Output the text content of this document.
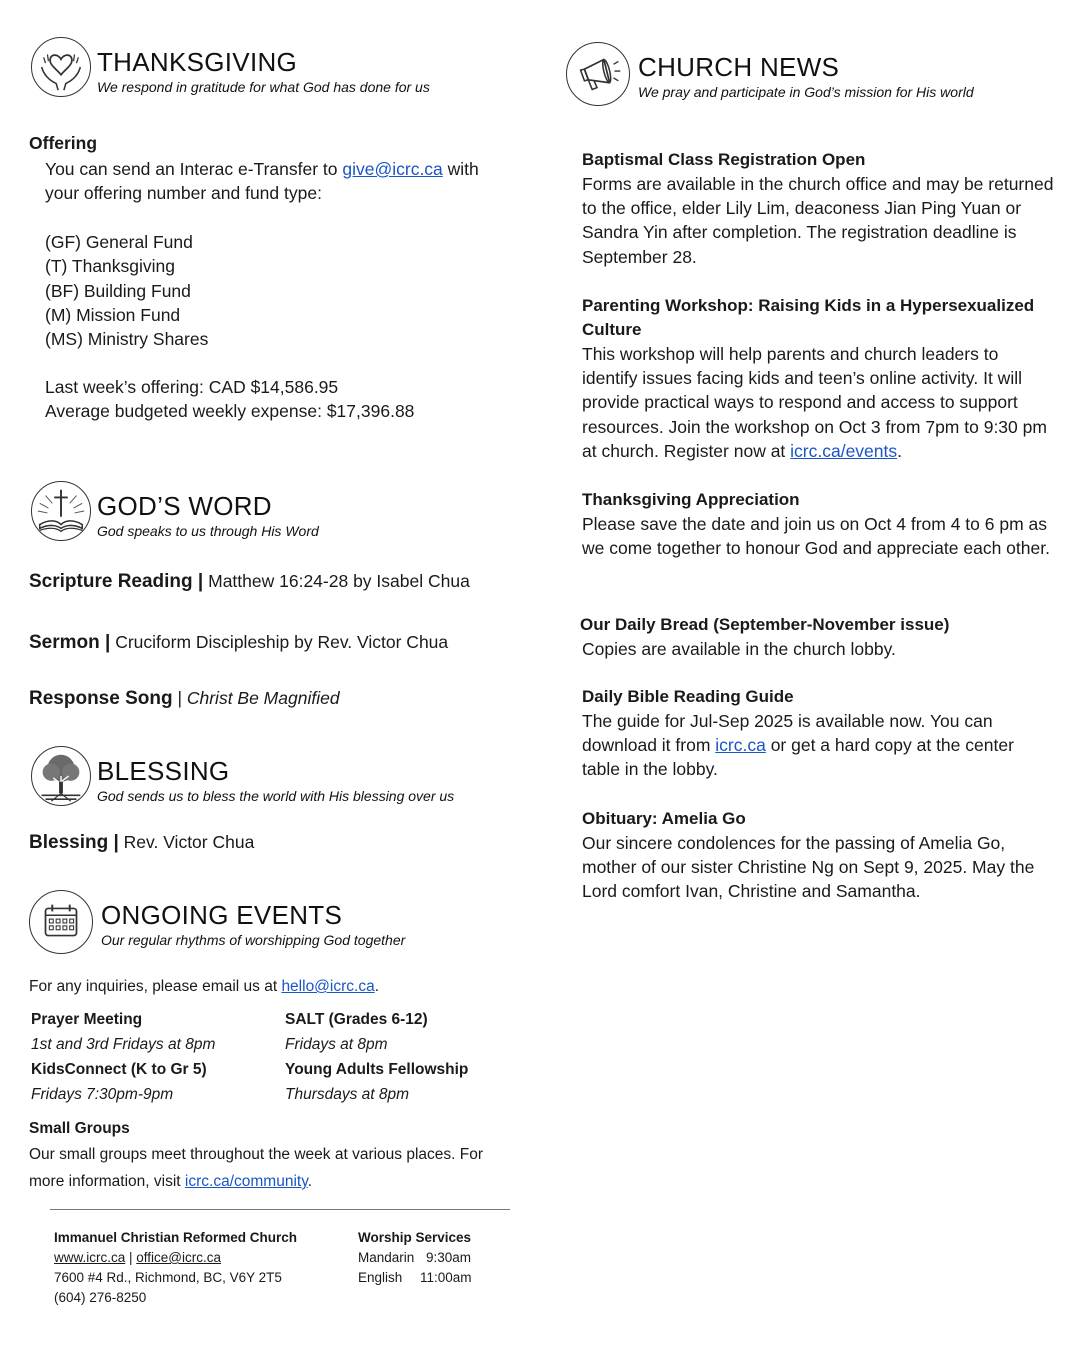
THANKSGIVING
We respond in gratitude for what God has done for us
Offering
You can send an Interac e-Transfer to give@icrc.ca with
your offering number and fund type:
(GF) General Fund
(T) Thanksgiving
(BF) Building Fund
(M) Mission Fund
(MS) Ministry Shares
Last week’s offering: CAD $14,586.95
Average budgeted weekly expense: $17,396.88
GOD’S WORD
God speaks to us through His Word
Scripture Reading | Matthew 16:24-28 by Isabel Chua
Sermon | Cruciform Discipleship by Rev. Victor Chua
Response Song | Christ Be Magnified
BLESSING
God sends us to bless the world with His blessing over us
Blessing | Rev. Victor Chua
ONGOING EVENTS
Our regular rhythms of worshipping God together
For any inquiries, please email us at hello@icrc.ca.
Prayer Meeting
1st and 3rd Fridays at 8pm
SALT (Grades 6-12)
Fridays at 8pm
KidsConnect (K to Gr 5)
Fridays 7:30pm-9pm
Young Adults Fellowship
Thursdays at 8pm
Small Groups
Our small groups meet throughout the week at various places. For
more information, visit icrc.ca/community.
Immanuel Christian Reformed Church
www.icrc.ca | office@icrc.ca
7600 #4 Rd., Richmond, BC, V6Y 2T5
(604) 276-8250
Worship Services
Mandarin 9:30am
English 11:00am
CHURCH NEWS
We pray and participate in God’s mission for His world
Baptismal Class Registration Open
Forms are available in the church office and may be returned to the office, elder Lily Lim, deaconess Jian Ping Yuan or Sandra Yin after completion. The registration deadline is September 28.
Parenting Workshop: Raising Kids in a Hypersexualized Culture
This workshop will help parents and church leaders to identify issues facing kids and teen’s online activity. It will provide practical ways to respond and access to support resources. Join the workshop on Oct 3 from 7pm to 9:30 pm at church. Register now at icrc.ca/events.
Thanksgiving Appreciation
Please save the date and join us on Oct 4 from 4 to 6 pm as we come together to honour God and appreciate each other.
Our Daily Bread (September-November issue)
Copies are available in the church lobby.
Daily Bible Reading Guide
The guide for Jul-Sep 2025 is available now. You can download it from icrc.ca or get a hard copy at the center table in the lobby.
Obituary: Amelia Go
Our sincere condolences for the passing of Amelia Go, mother of our sister Christine Ng on Sept 9, 2025. May the Lord comfort Ivan, Christine and Samantha.
